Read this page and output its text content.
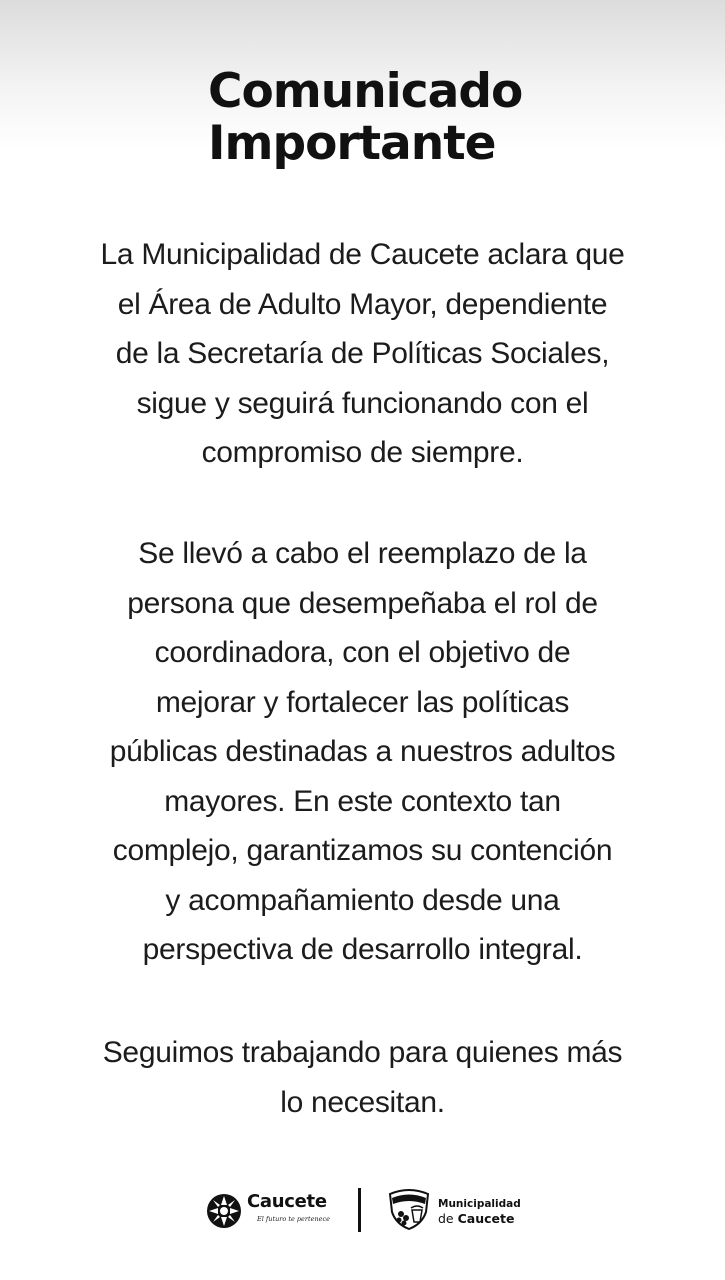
Comunicado
Importante
La Municipalidad de Caucete aclara que
el Área de Adulto Mayor, dependiente
de la Secretaría de Políticas Sociales,
sigue y seguirá funcionando con el
compromiso de siempre.
Se llevó a cabo el reemplazo de la
persona que desempeñaba el rol de
coordinadora, con el objetivo de
mejorar y fortalecer las políticas
públicas destinadas a nuestros adultos
mayores. En este contexto tan
complejo, garantizamos su contención
y acompañamiento desde una
perspectiva de desarrollo integral.
Seguimos trabajando para quienes más
lo necesitan.
Caucete
El futuro te pertenece
Municipalidad
de Caucete
